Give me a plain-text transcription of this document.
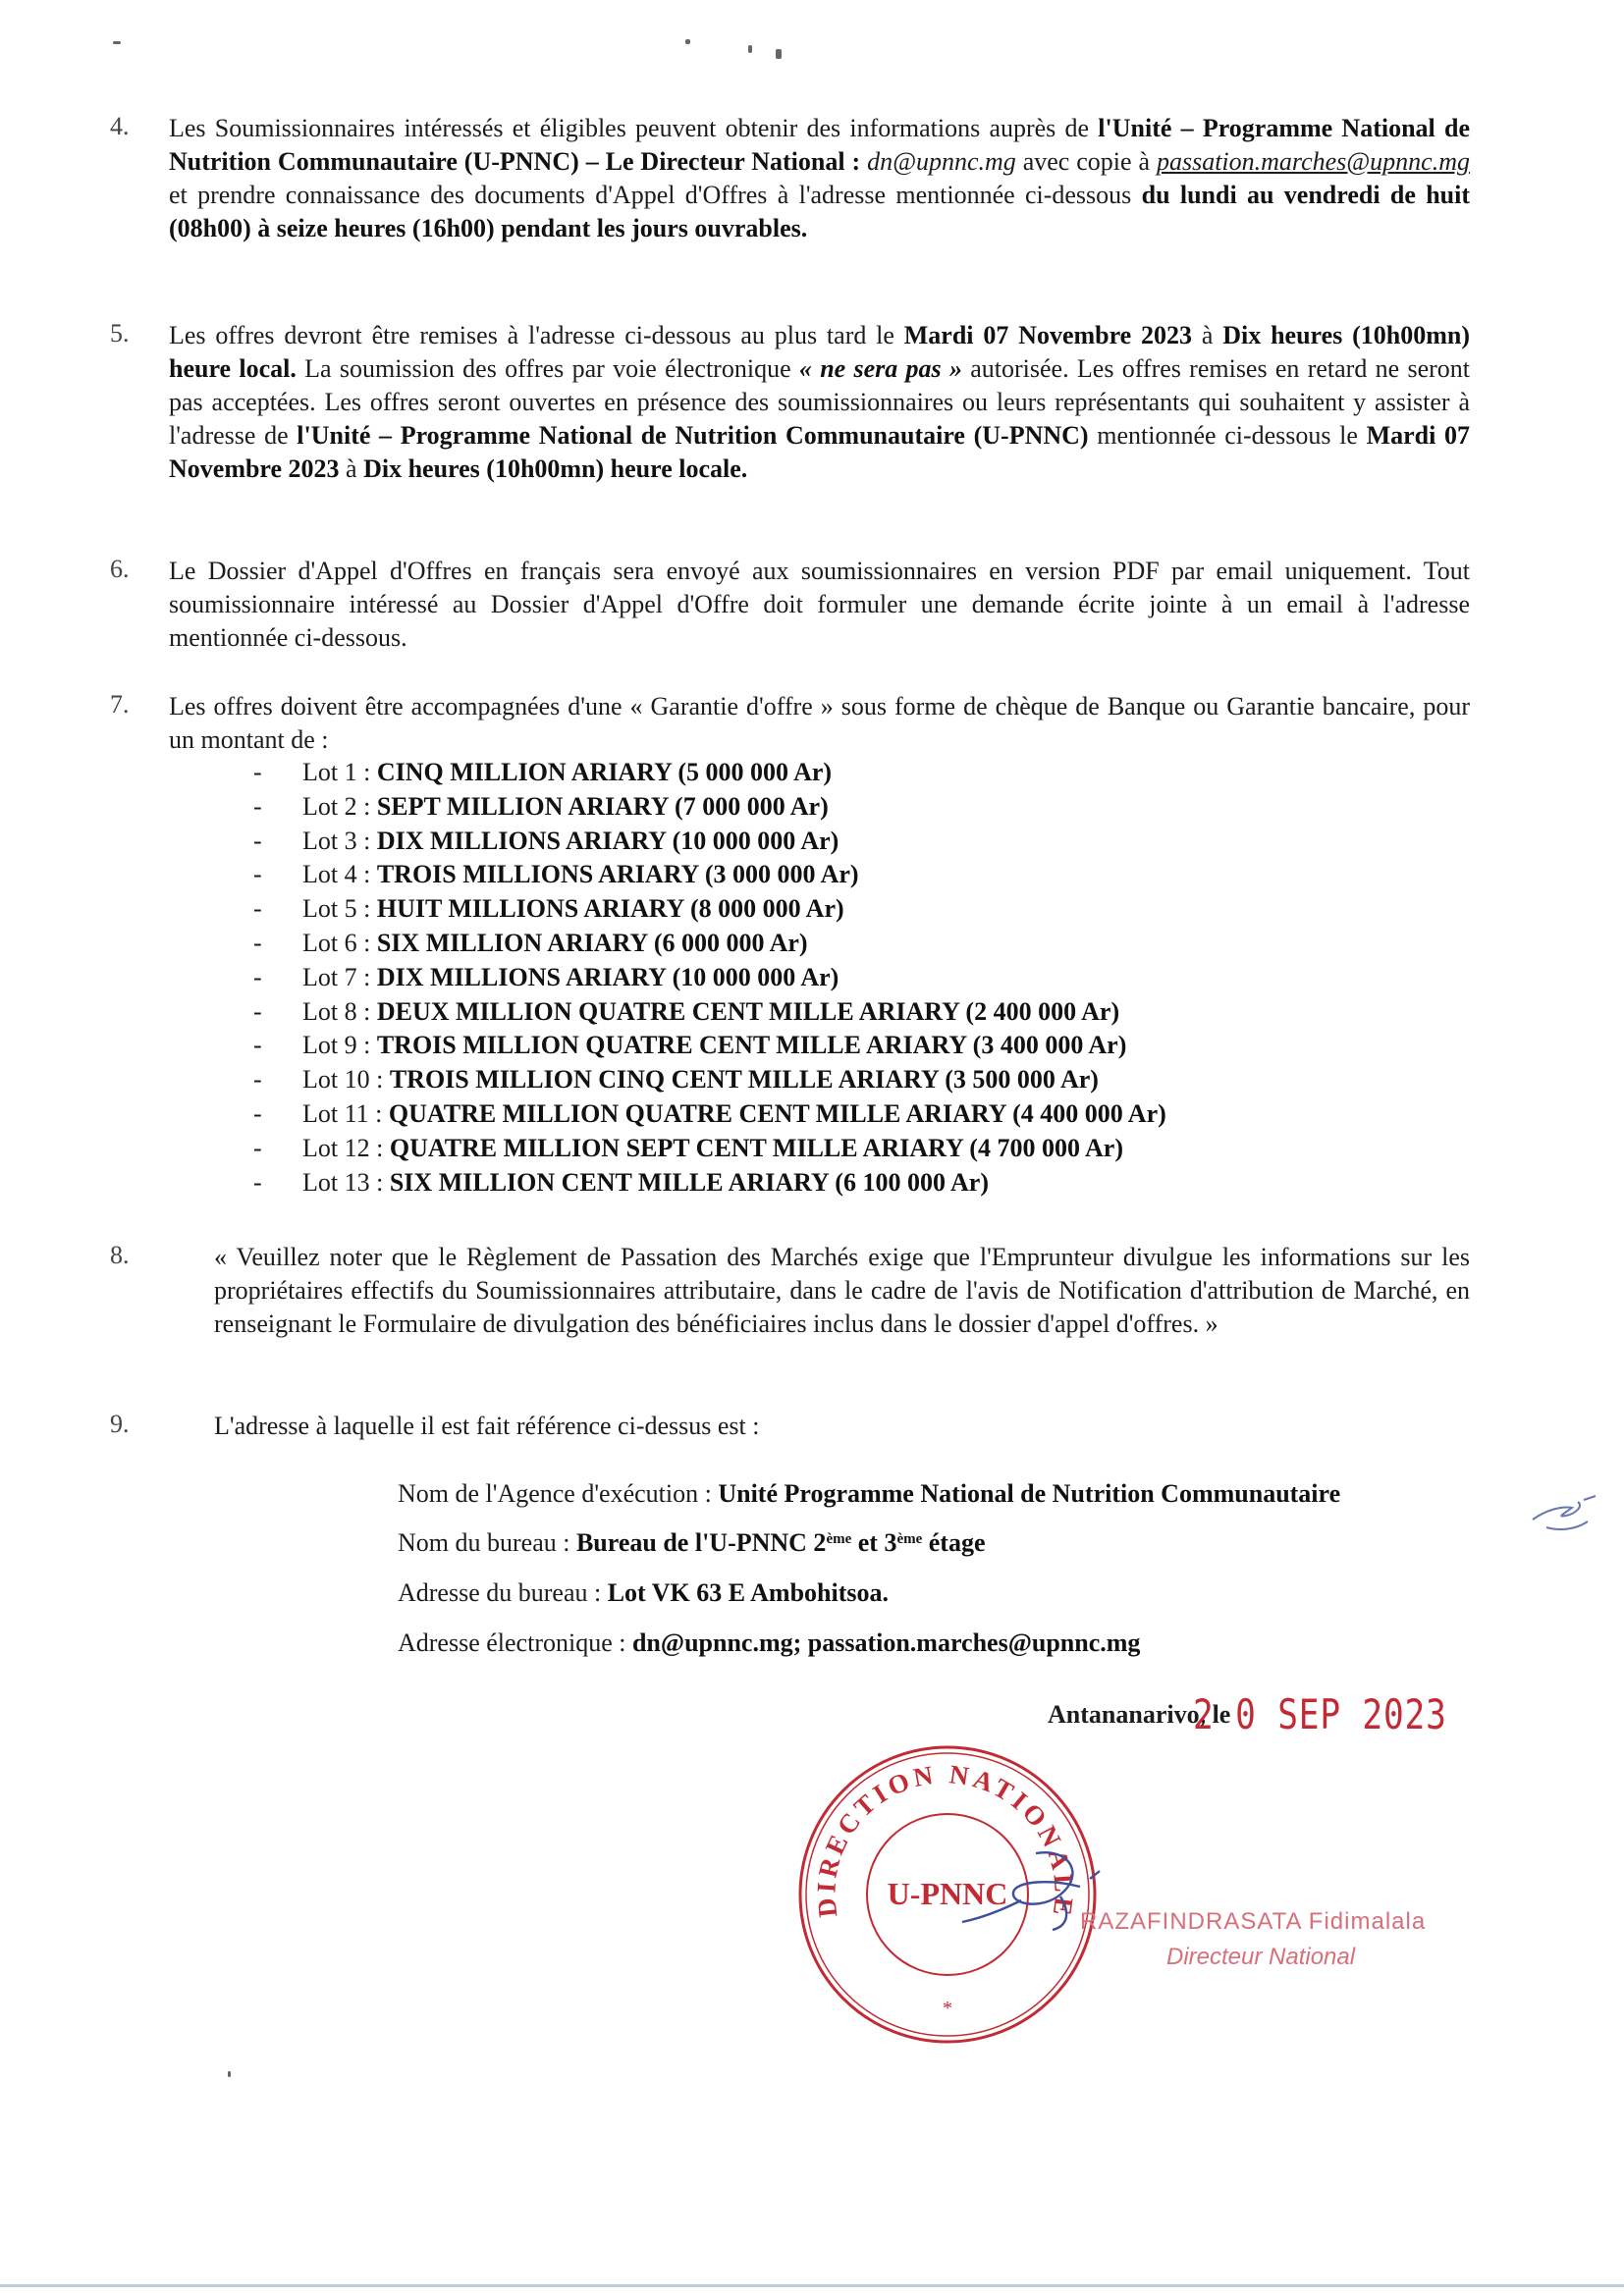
4. Les Soumissionnaires intéressés et éligibles peuvent obtenir des informations auprès de l'Unité – Programme National de Nutrition Communautaire (U-PNNC) – Le Directeur National : dn@upnnc.mg avec copie à passation.marches@upnnc.mg et prendre connaissance des documents d'Appel d'Offres à l'adresse mentionnée ci-dessous du lundi au vendredi de huit (08h00) à seize heures (16h00) pendant les jours ouvrables.
5. Les offres devront être remises à l'adresse ci-dessous au plus tard le Mardi 07 Novembre 2023 à Dix heures (10h00mn) heure local. La soumission des offres par voie électronique « ne sera pas » autorisée. Les offres remises en retard ne seront pas acceptées. Les offres seront ouvertes en présence des soumissionnaires ou leurs représentants qui souhaitent y assister à l'adresse de l'Unité – Programme National de Nutrition Communautaire (U-PNNC) mentionnée ci-dessous le Mardi 07 Novembre 2023 à Dix heures (10h00mn) heure locale.
6. Le Dossier d'Appel d'Offres en français sera envoyé aux soumissionnaires en version PDF par email uniquement. Tout soumissionnaire intéressé au Dossier d'Appel d'Offre doit formuler une demande écrite jointe à un email à l'adresse mentionnée ci-dessous.
7. Les offres doivent être accompagnées d'une « Garantie d'offre » sous forme de chèque de Banque ou Garantie bancaire, pour un montant de :
- Lot 1 : CINQ MILLION ARIARY (5 000 000 Ar)
- Lot 2 : SEPT MILLION ARIARY (7 000 000 Ar)
- Lot 3 : DIX MILLIONS ARIARY (10 000 000 Ar)
- Lot 4 : TROIS MILLIONS ARIARY (3 000 000 Ar)
- Lot 5 : HUIT MILLIONS ARIARY (8 000 000 Ar)
- Lot 6 : SIX MILLION ARIARY (6 000 000 Ar)
- Lot 7 : DIX MILLIONS ARIARY (10 000 000 Ar)
- Lot 8 : DEUX MILLION QUATRE CENT MILLE ARIARY (2 400 000 Ar)
- Lot 9 : TROIS MILLION QUATRE CENT MILLE ARIARY (3 400 000 Ar)
- Lot 10 : TROIS MILLION CINQ CENT MILLE ARIARY (3 500 000 Ar)
- Lot 11 : QUATRE MILLION QUATRE CENT MILLE ARIARY (4 400 000 Ar)
- Lot 12 : QUATRE MILLION SEPT CENT MILLE ARIARY (4 700 000 Ar)
- Lot 13 : SIX MILLION CENT MILLE ARIARY (6 100 000 Ar)
8.	« Veuillez noter que le Règlement de Passation des Marchés exige que l'Emprunteur divulgue les informations sur les propriétaires effectifs du Soumissionnaires attributaire, dans le cadre de l'avis de Notification d'attribution de Marché, en renseignant le Formulaire de divulgation des bénéficiaires inclus dans le dossier d'appel d'offres. »
9.	L'adresse à laquelle il est fait référence ci-dessus est :
Nom de l'Agence d'exécution : Unité Programme National de Nutrition Communautaire
Nom du bureau : Bureau de l'U-PNNC 2ème et 3ème étage
Adresse du bureau : Lot VK 63 E Ambohitsoa.
Adresse électronique : dn@upnnc.mg; passation.marches@upnnc.mg
Antananarivo, le
2 0 SEP 2023
DIRECTION NATIONALE
U-PNNC
*
RAZAFINDRASATA Fidimalala
Directeur National
